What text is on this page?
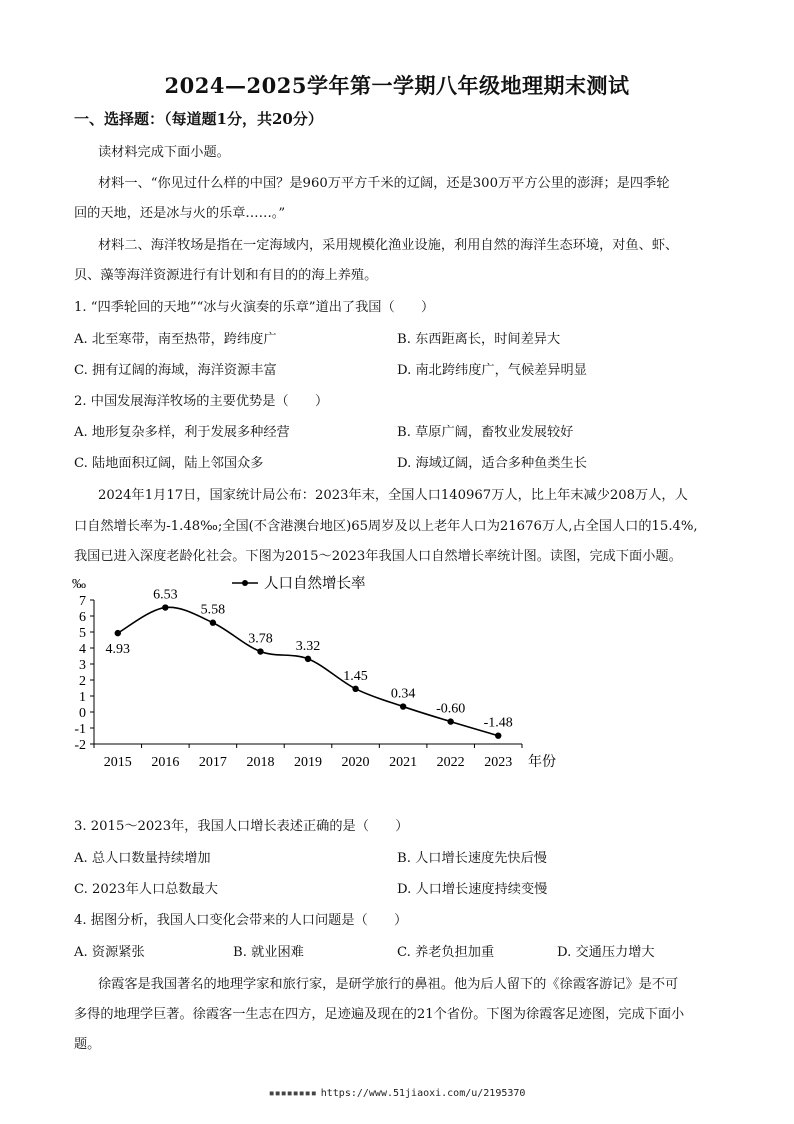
2024—2025学年第一学期八年级地理期末测试
一、选择题：（每道题1分，共20分）
读材料完成下面小题。
材料一、“你见过什么样的中国？是960万平方千米的辽阔，还是300万平方公里的澎湃；是四季轮
回的天地，还是冰与火的乐章……。”
材料二、海洋牧场是指在一定海域内，采用规模化渔业设施，利用自然的海洋生态环境，对鱼、虾、
贝、藻等海洋资源进行有计划和有目的的海上养殖。
1. “四季轮回的天地”“冰与火演奏的乐章”道出了我国（　　）
A. 北至寒带，南至热带，跨纬度广	B. 东西距离长，时间差异大
C. 拥有辽阔的海域，海洋资源丰富	D. 南北跨纬度广，气候差异明显
2. 中国发展海洋牧场的主要优势是（　　）
A. 地形复杂多样，利于发展多种经营	B. 草原广阔，畜牧业发展较好
C. 陆地面积辽阔，陆上邻国众多	D. 海域辽阔，适合多种鱼类生长
2024年1月17日，国家统计局公布：2023年末，全国人口140967万人，比上年末减少208万人，人
口自然增长率为-1.48‰;全国(不含港澳台地区)65周岁及以上老年人口为21676万人,占全国人口的15.4%,
我国已进入深度老龄化社会。下图为2015～2023年我国人口自然增长率统计图。读图，完成下面小题。
‰	人口自然增长率
年份
7
6
5
4
3
2
1
0
-1
-2
2015 2016 2017 2018 2019 2020 2021 2022 2023
4.93
6.53
5.58
3.78 3.32
1.45
0.34
-0.60
-1.48
3. 2015～2023年，我国人口增长表述正确的是（　　）
A. 总人口数量持续增加	B. 人口增长速度先快后慢
C. 2023年人口总数最大	D. 人口增长速度持续变慢
4. 据图分析，我国人口变化会带来的人口问题是（　　）
A. 资源紧张	B. 就业困难	C. 养老负担加重	D. 交通压力增大
徐霞客是我国著名的地理学家和旅行家，是研学旅行的鼻祖。他为后人留下的《徐霞客游记》是不可
多得的地理学巨著。徐霞客一生志在四方，足迹遍及现在的21个省份。下图为徐霞客足迹图，完成下面小
题。
▪▪▪▪▪▪▪▪ https://www.51jiaoxi.com/u/2195370
